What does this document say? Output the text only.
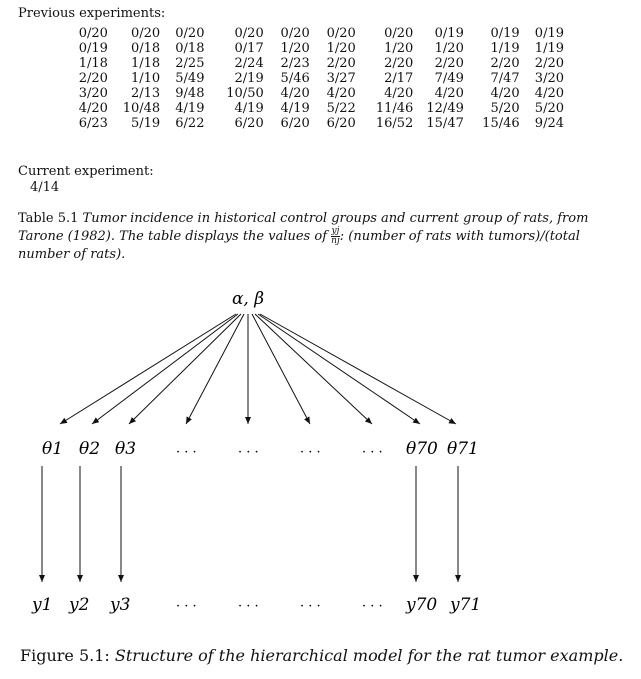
Previous experiments:
0/20	0/20	0/20	0/20	0/20	0/20	0/20	0/19	0/19	0/19
0/19	0/18	0/18	0/17	1/20	1/20	1/20	1/20	1/19	1/19
1/18	1/18	2/25	2/24	2/23	2/20	2/20	2/20	2/20	2/20
2/20	1/10	5/49	2/19	5/46	3/27	2/17	7/49	7/47	3/20
3/20	2/13	9/48	10/50	4/20	4/20	4/20	4/20	4/20	4/20
4/20	10/48	4/19	4/19	4/19	5/22	11/46	12/49	5/20	5/20
6/23	5/19	6/22	6/20	6/20	6/20	16/52	15/47	15/46	9/24
Current experiment:
4/14
Table 5.1 Tumor incidence in historical control groups and current group of rats, from Tarone (1982). The table displays the values of $\frac{yj}{nj}$ : (number of rats with tumors)/(total number of rats).
α, β
θ1 θ2 θ3	· · ·	· · ·	· · ·	· · · θ70 θ71
y1 y2 y3	· · ·	· · ·	· · ·	· · · y70 y71
Figure 5.1: Structure of the hierarchical model for the rat tumor example.
